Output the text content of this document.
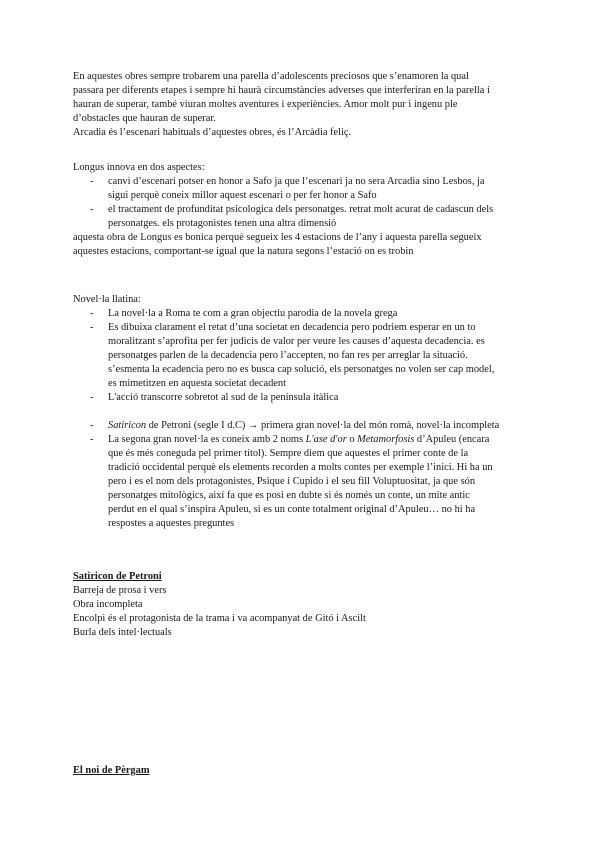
En aquestes obres sempre trobarem una parella d’adolescents preciosos que s’enamoren la qual
passara per diferents etapes i sempre hi haurà circumstàncies adverses que interferiran en la parella i
hauran de superar, també viuran moltes aventures i experiències. Amor molt pur i ingenu ple
d’obstacles que hauran de superar.
Arcadia és l’escenari habituals d’aquestes obres, és l’Arcàdia feliç.
Longus innova en dos aspectes:
- canvi d’escenari potser en honor a Safo ja que l’escenari ja no sera Arcadia sino Lesbos, ja
sigui perquè coneix millor aquest escenari o per fer honor a Safo
- el tractament de profunditat psicologica dels personatges. retrat molt acurat de cadascun dels
personatges. els protagonistes tenen una altra dimensió
aquesta obra de Longus es bonica perquè segueix les 4 estacions de l’any i aquesta parella segueix
aquestes estacions, comportant-se igual que la natura segons l’estació on es trobin
Novel·la llatina:
- La novel·la a Roma te com a gran objectiu parodia de la novela grega
- Es dibuixa clarament el retat d’una societat en decadencia pero podriem esperar en un to
moralitzant s’aprofita per fer judicis de valor per veure les causes d’aquesta decadencia. es
personatges parlen de la decadencia pero l’accepten, no fan res per arreglar la situació.
s’esmenta la ecadencia pero no es busca cap solució, els personatges no volen ser cap model,
es mimetitzen en aquesta societat decadent
- L'acció transcorre sobretot al sud de la península itàlica
- Satiricon de Petroni (segle I d.C) → primera gran novel·la del món romà, novel·la incompleta
- La segona gran novel·la es coneix amb 2 noms L'ase d'or o Metamorfosis d’Apuleu (encara
que és més coneguda pel primer títol). Sempre diem que aquestes el primer conte de la
tradició occidental perquè els elements recorden a molts contes per exemple l’inici. Hi ha un
pero i es el nom dels protagonistes, Psique i Cupido i el seu fill Voluptuositat, ja que són
personatges mitològics, així fa que es posi en dubte si és només un conte, un mite antic
perdut en el qual s’inspira Apuleu, si es un conte totalment original d’Apuleu… no hi ha
respostes a aquestes preguntes
Satiricon de Petroni
Barreja de prosa i vers
Obra incompleta
Encolpi és el protagonista de la trama i va acompanyat de Gitó i Ascilt
Burla dels intel·lectuals
El noi de Pèrgam
